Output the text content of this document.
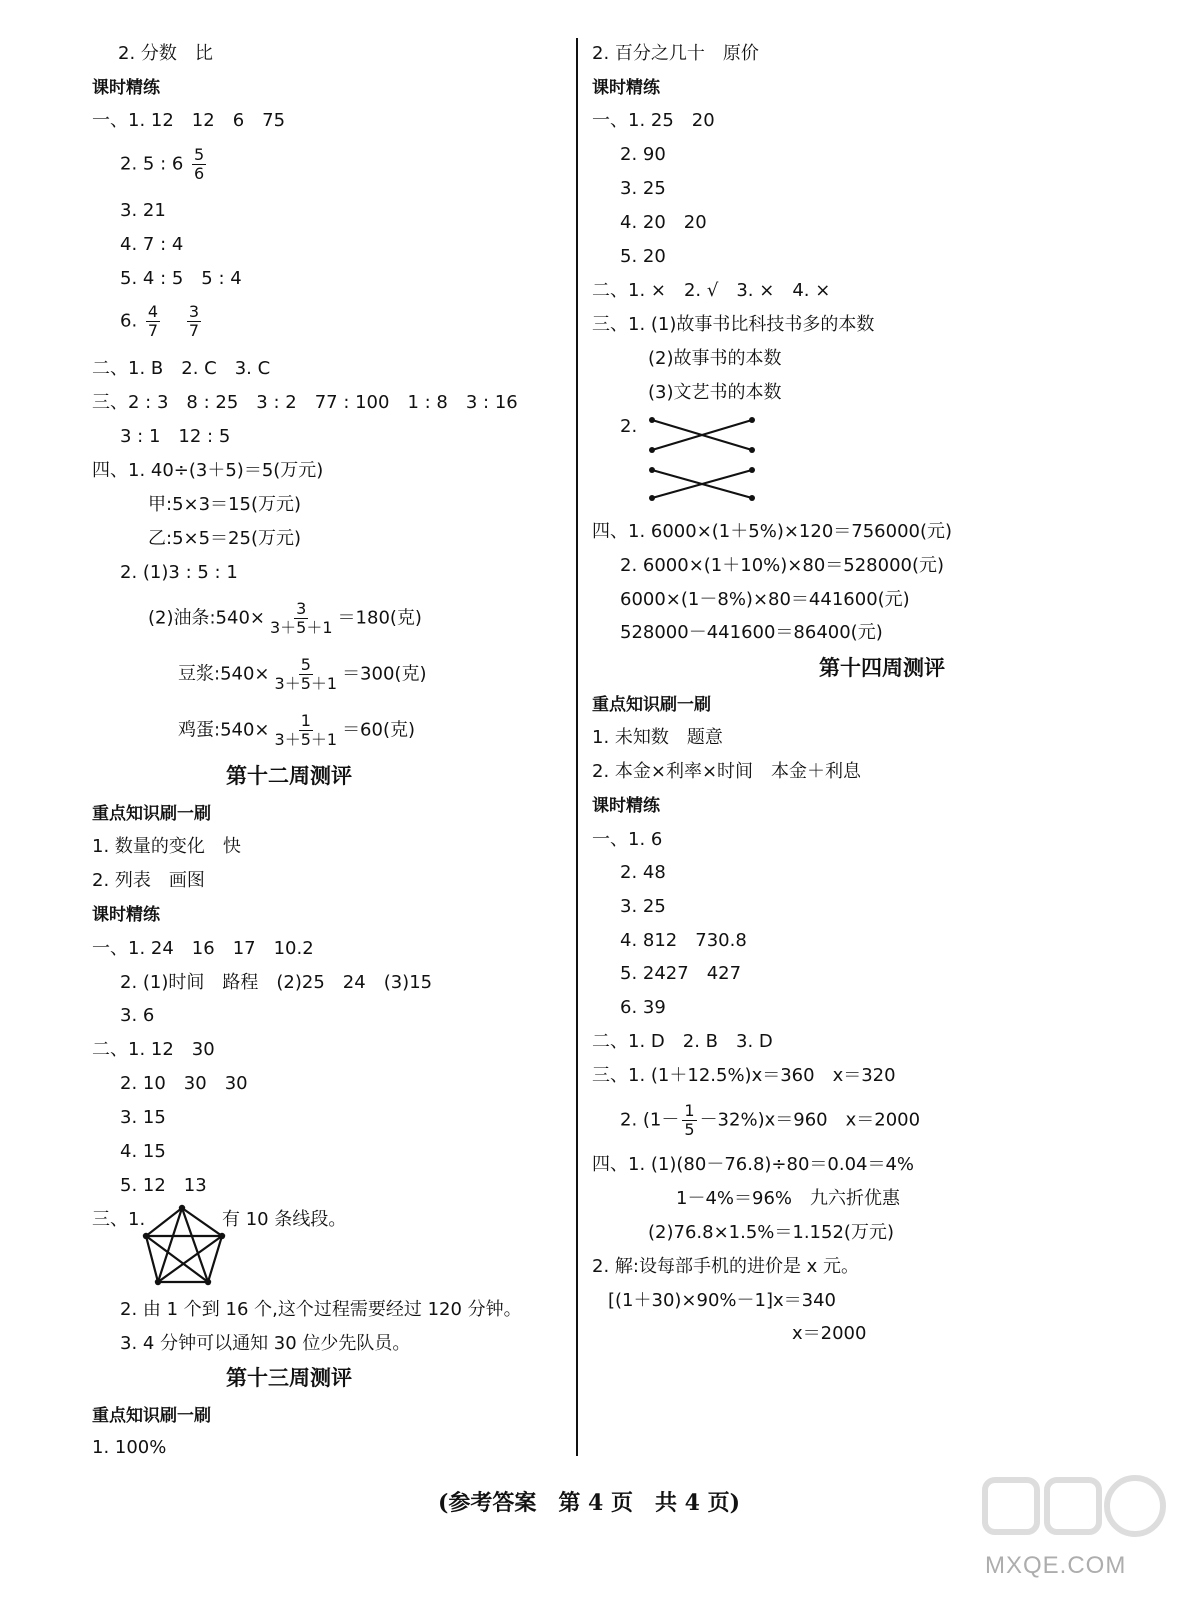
2. 分数　比
课时精练
一、1. 12　12　6　75
2. 5 : $6 \frac{5}{6}$
3. 21
4. 7 : 4
5. 4 : 5　5 : 4
6. $\frac{4}{7}$
$\frac{3}{7}$
二、1. B　2. C　3. C
三、2 : 3　8 : 25　3 : 2　77 : 100　1 : 8　3 : 16
3 : 1　12 : 5
四、1. 40÷(3＋5)＝5(万元)
甲:5×3＝15(万元)
乙:5×5＝25(万元)
2. (1)3 : 5 : 1
(2)油条:540× $\frac{3}{3+5+1} =180$(克)
豆浆:540× $\frac{5}{3+5+1} =300$(克)
鸡蛋:540× $\frac{1}{3+5+1} =60$(克)
第十二周测评
重点知识刷一刷
1. 数量的变化　快
2. 列表　画图
课时精练
一、1. 24　16　17　10.2
2. (1)时间　路程　(2)25　24　(3)15
3. 6
二、1. 12　30
2. 10　30　30
3. 15
4. 15
5. 12　13
三、1.	有 10 条线段。
2. 由 1 个到 16 个,这个过程需要经过 120 分钟。
3. 4 分钟可以通知 30 位少先队员。
第十三周测评
重点知识刷一刷
1. 100%
2. 百分之几十　原价
课时精练
一、1. 25　20
2. 90
3. 25
4. 20　20
5. 20
二、1. ×　2. √　3. ×　4. ×
三、1. (1)故事书比科技书多的本数
(2)故事书的本数
(3)文艺书的本数
2.
四、1. 6000×(1＋5%)×120＝756000(元)
2. 6000×(1＋10%)×80＝528000(元)
6000×(1－8%)×80＝441600(元)
528000－441600＝86400(元)
第十四周测评
重点知识刷一刷
1. 未知数　题意
2. 本金×利率×时间　本金＋利息
课时精练
一、1. 6
2. 48
3. 25
4. 812　730.8
5. 2427　427
6. 39
二、1. D　2. B　3. D
三、1. (1＋12.5%)x＝360　x＝320
2. $(1- \frac{1}{5} -32\%)x=960$　x＝2000
四、1. (1)(80－76.8)÷80＝0.04＝4%
1－4%＝96%　九六折优惠
(2)76.8×1.5%＝1.152(万元)
2. 解:设每部手机的进价是 x 元。
[(1＋30)×90%－1]x＝340
x＝2000
(参考答案　第 4 页　共 4 页)
MXQE.COM
